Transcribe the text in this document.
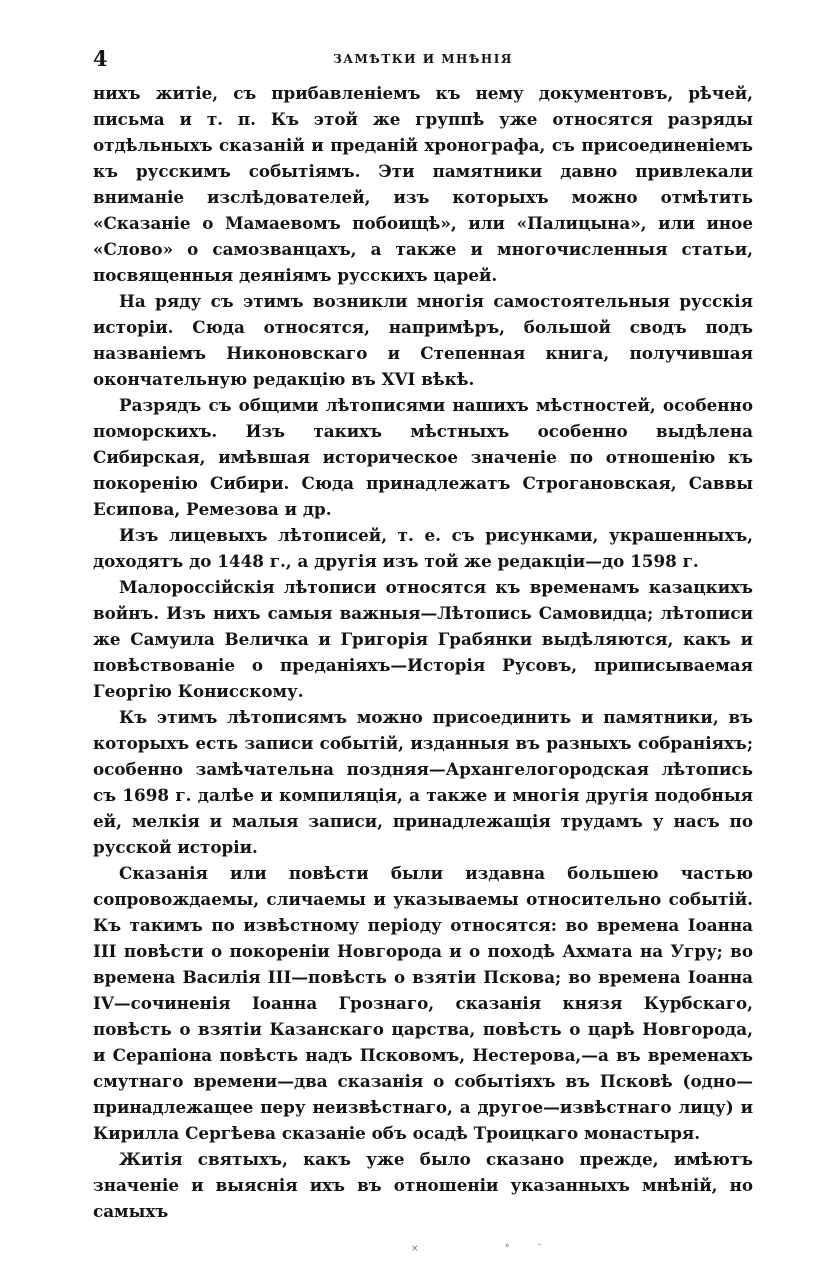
4	ЗАМѢТКИ И МНѢНІЯ

нихъ житіе, съ прибавленіемъ къ нему документовъ, рѣчей, письма и т. п. Къ этой же группѣ уже относятся разряды отдѣльныхъ сказаній и преданій хронографа, съ присоединеніемъ къ русскимъ событіямъ. Эти памятники давно привлекали вниманіе изслѣдователей, изъ которыхъ можно отмѣтить «Сказаніе о Мамаевомъ побоищѣ», или «Палицына», или иное «Слово» о самозванцахъ, а также и многочисленныя статьи, посвященныя деяніямъ русскихъ царей.

На ряду съ этимъ возникли многія самостоятельныя русскія исторіи. Сюда относятся, напримѣръ, большой сводъ подъ названіемъ Никоновскаго и Степенная книга, получившая окончательную редакцію въ XVI вѣкѣ.

Разрядъ съ общими лѣтописями нашихъ мѣстностей, особенно поморскихъ. Изъ такихъ мѣстныхъ особенно выдѣлена Сибирская, имѣвшая историческое значеніе по отношенію къ покоренію Сибири. Сюда принадлежатъ Строгановская, Саввы Есипова, Ремезова и др.

Изъ лицевыхъ лѣтописей, т. е. съ рисунками, украшенныхъ, доходятъ до 1448 г., а другія изъ той же редакціи—до 1598 г.

Малороссійскія лѣтописи относятся къ временамъ казацкихъ войнъ. Изъ нихъ самыя важныя—Лѣтопись Самовидца; лѣтописи же Самуила Величка и Григорія Грабянки выдѣляются, какъ и повѣствованіе о преданіяхъ—Исторія Русовъ, приписываемая Георгію Конисскому.

Къ этимъ лѣтописямъ можно присоединить и памятники, въ которыхъ есть записи событій, изданныя въ разныхъ собраніяхъ; особенно замѣчательна поздняя—Архангелогородская лѣтопись съ 1698 г. далѣе и компиляція, а также и многія другія подобныя ей, мелкія и малыя записи, принадлежащія трудамъ у насъ по русской исторіи.

Сказанія или повѣсти были издавна большею частью сопровождаемы, сличаемы и указываемы относительно событій. Къ такимъ по извѣстному періоду относятся: во времена Іоанна III повѣсти о покореніи Новгорода и о походѣ Ахмата на Угру; во времена Василія III—повѣсть о взятіи Пскова; во времена Іоанна IV—сочиненія Іоанна Грознаго, сказанія князя Курбскаго, повѣсть о взятіи Казанскаго царства, повѣсть о царѣ Новгорода, и Серапіона повѣсть надъ Псковомъ, Нестерова,—а въ временахъ смутнаго времени—два сказанія о событіяхъ въ Псковѣ (одно—принадлежащее перу неизвѣстнаго, а другое—извѣстнаго лицу) и Кирилла Сергѣева сказаніе объ осадѣ Троицкаго монастыря.

Житія святыхъ, какъ уже было сказано прежде, имѣютъ значеніе и выяснія ихъ въ отношеніи указанныхъ мнѣній, но самыхъ

×	°	˘
